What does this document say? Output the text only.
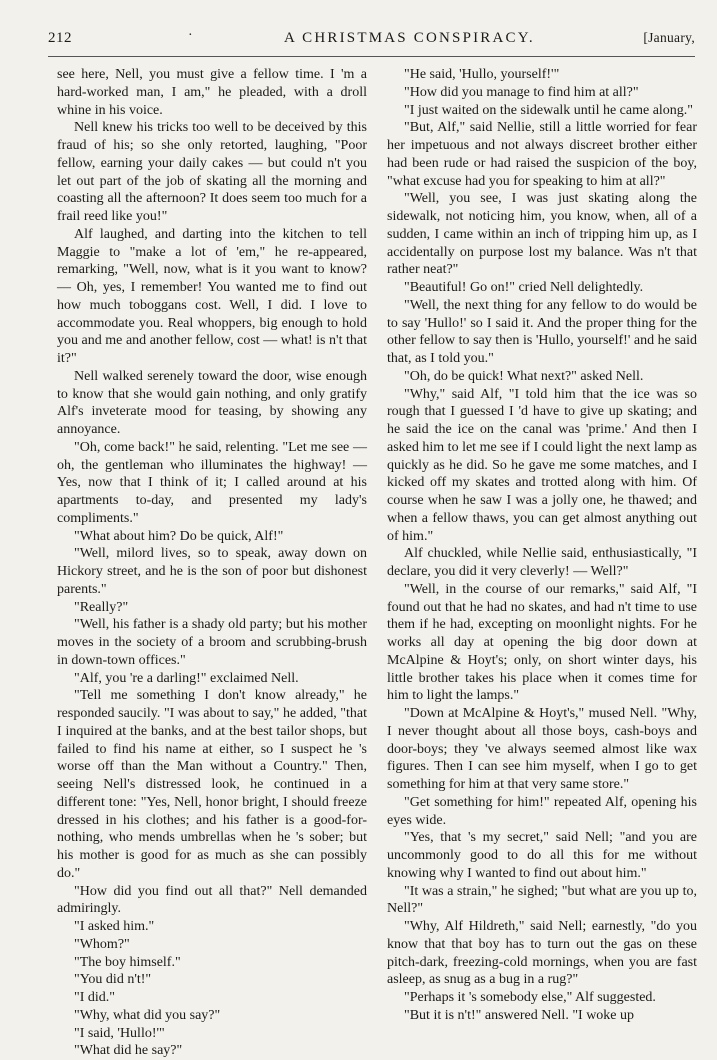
212	·	A CHRISTMAS CONSPIRACY.	[January,

see here, Nell, you must give a fellow time. I 'm a hard-worked man, I am," he pleaded, with a droll whine in his voice.

Nell knew his tricks too well to be deceived by this fraud of his; so she only retorted, laughing, "Poor fellow, earning your daily cakes — but could n't you let out part of the job of skating all the morning and coasting all the afternoon? It does seem too much for a frail reed like you!"

Alf laughed, and darting into the kitchen to tell Maggie to "make a lot of 'em," he re-appeared, remarking, "Well, now, what is it you want to know? — Oh, yes, I remember! You wanted me to find out how much toboggans cost. Well, I did. I love to accommodate you. Real whoppers, big enough to hold you and me and another fellow, cost — what! is n't that it?"

Nell walked serenely toward the door, wise enough to know that she would gain nothing, and only gratify Alf's inveterate mood for teasing, by showing any annoyance.

"Oh, come back!" he said, relenting. "Let me see — oh, the gentleman who illuminates the highway! — Yes, now that I think of it; I called around at his apartments to-day, and presented my lady's compliments."

"What about him? Do be quick, Alf!"

"Well, milord lives, so to speak, away down on Hickory street, and he is the son of poor but dishonest parents."

"Really?"

"Well, his father is a shady old party; but his mother moves in the society of a broom and scrubbing-brush in down-town offices."

"Alf, you 're a darling!" exclaimed Nell.

"Tell me something I don't know already," he responded saucily. "I was about to say," he added, "that I inquired at the banks, and at the best tailor shops, but failed to find his name at either, so I suspect he 's worse off than the Man without a Country." Then, seeing Nell's distressed look, he continued in a different tone: "Yes, Nell, honor bright, I should freeze dressed in his clothes; and his father is a good-for-nothing, who mends umbrellas when he 's sober; but his mother is good for as much as she can possibly do."

"How did you find out all that?" Nell demanded admiringly.

"I asked him."

"Whom?"

"The boy himself."

"You did n't!"

"I did."

"Why, what did you say?"

"I said, 'Hullo!'"

"What did he say?"

"He said, 'Hullo, yourself!'"

"How did you manage to find him at all?"

"I just waited on the sidewalk until he came along."

"But, Alf," said Nellie, still a little worried for fear her impetuous and not always discreet brother either had been rude or had raised the suspicion of the boy, "what excuse had you for speaking to him at all?"

"Well, you see, I was just skating along the sidewalk, not noticing him, you know, when, all of a sudden, I came within an inch of tripping him up, as I accidentally on purpose lost my balance. Was n't that rather neat?"

"Beautiful! Go on!" cried Nell delightedly.

"Well, the next thing for any fellow to do would be to say 'Hullo!' so I said it. And the proper thing for the other fellow to say then is 'Hullo, yourself!' and he said that, as I told you."

"Oh, do be quick! What next?" asked Nell.

"Why," said Alf, "I told him that the ice was so rough that I guessed I 'd have to give up skating; and he said the ice on the canal was 'prime.' And then I asked him to let me see if I could light the next lamp as quickly as he did. So he gave me some matches, and I kicked off my skates and trotted along with him. Of course when he saw I was a jolly one, he thawed; and when a fellow thaws, you can get almost anything out of him."

Alf chuckled, while Nellie said, enthusiastically, "I declare, you did it very cleverly! — Well?"

"Well, in the course of our remarks," said Alf, "I found out that he had no skates, and had n't time to use them if he had, excepting on moonlight nights. For he works all day at opening the big door down at McAlpine & Hoyt's; only, on short winter days, his little brother takes his place when it comes time for him to light the lamps."

"Down at McAlpine & Hoyt's," mused Nell. "Why, I never thought about all those boys, cash-boys and door-boys; they 've always seemed almost like wax figures. Then I can see him myself, when I go to get something for him at that very same store."

"Get something for him!" repeated Alf, opening his eyes wide.

"Yes, that 's my secret," said Nell; "and you are uncommonly good to do all this for me without knowing why I wanted to find out about him."

"It was a strain," he sighed; "but what are you up to, Nell?"

"Why, Alf Hildreth," said Nell; earnestly, "do you know that that boy has to turn out the gas on these pitch-dark, freezing-cold mornings, when you are fast asleep, as snug as a bug in a rug?"

"Perhaps it 's somebody else," Alf suggested.

"But it is n't!" answered Nell. "I woke up
